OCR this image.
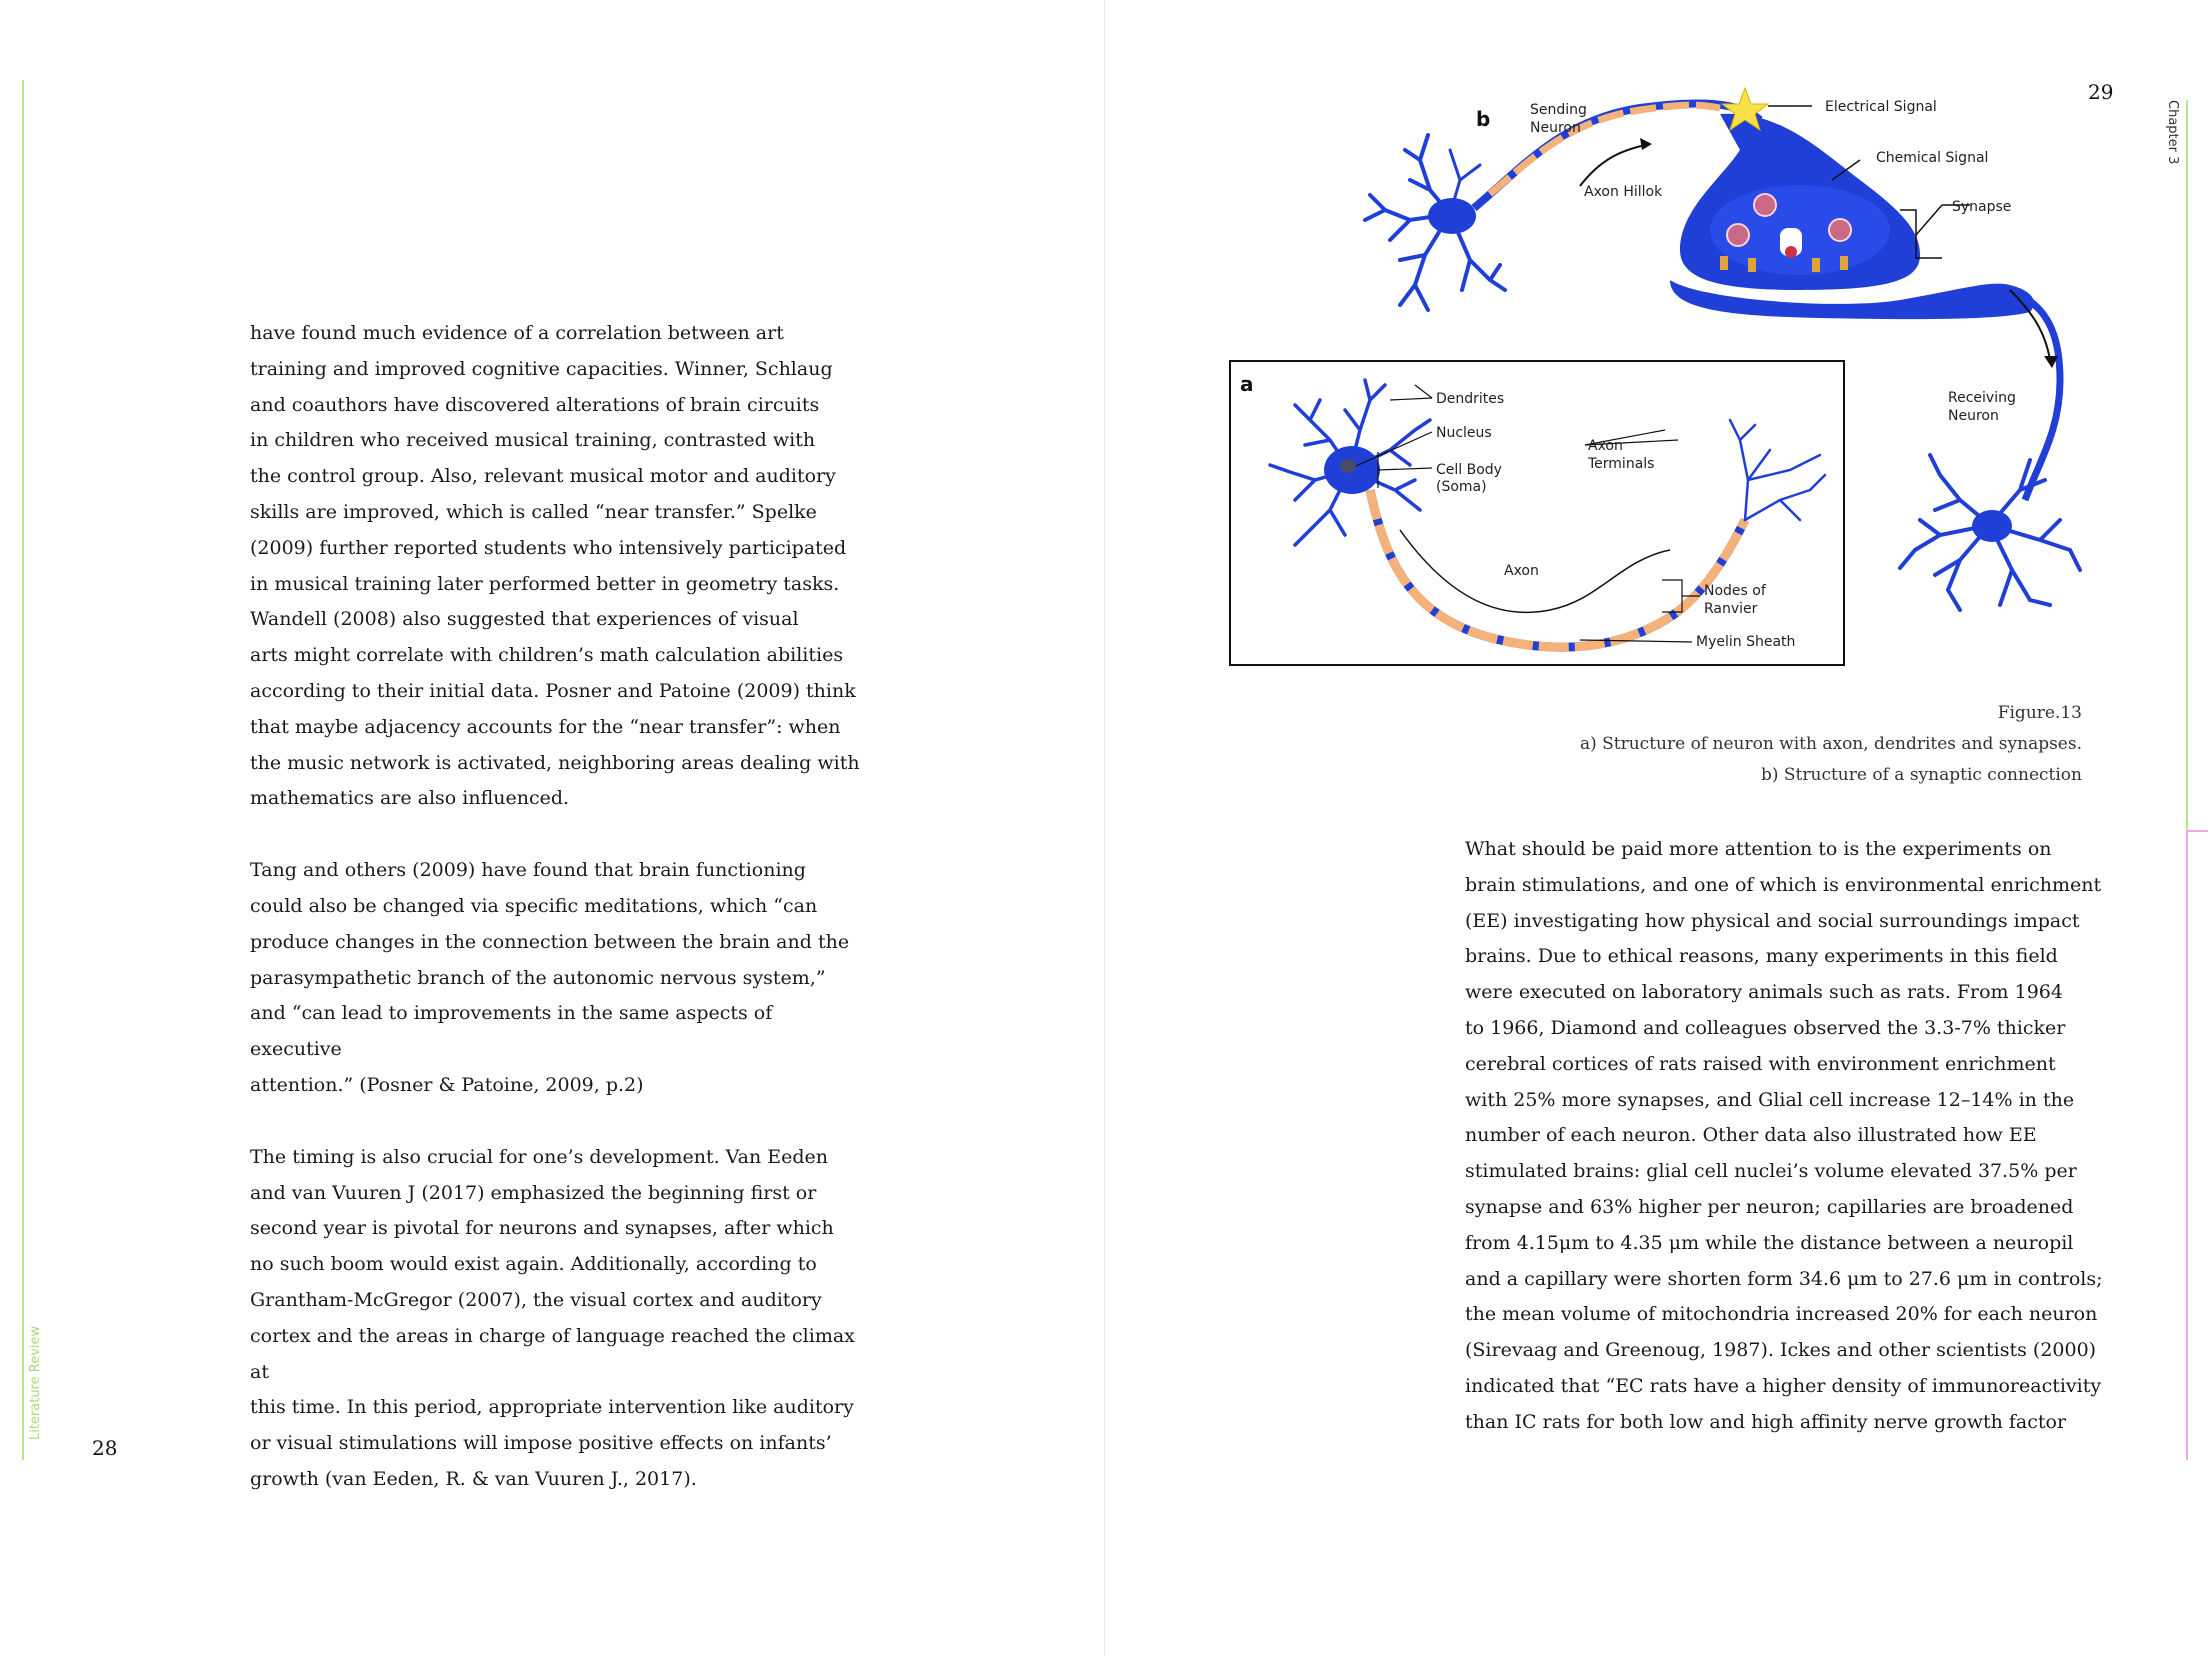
Literature Review
Chapter 3
28
29

have found much evidence of a correlation between art
training and improved cognitive capacities. Winner, Schlaug
and coauthors have discovered alterations of brain circuits
in children who received musical training, contrasted with
the control group. Also, relevant musical motor and auditory
skills are improved, which is called “near transfer.” Spelke
(2009) further reported students who intensively participated
in musical training later performed better in geometry tasks.
Wandell (2008) also suggested that experiences of visual
arts might correlate with children’s math calculation abilities
according to their initial data. Posner and Patoine (2009) think
that maybe adjacency accounts for the “near transfer”: when
the music network is activated, neighboring areas dealing with
mathematics are also influenced.

Tang and others (2009) have found that brain functioning
could also be changed via specific meditations, which “can
produce changes in the connection between the brain and the
parasympathetic branch of the autonomic nervous system,”
and “can lead to improvements in the same aspects of executive
attention.” (Posner & Patoine, 2009, p.2)

The timing is also crucial for one’s development. Van Eeden
and van Vuuren J (2017) emphasized the beginning first or
second year is pivotal for neurons and synapses, after which
no such boom would exist again. Additionally, according to
Grantham-McGregor (2007), the visual cortex and auditory
cortex and the areas in charge of language reached the climax at
this time. In this period, appropriate intervention like auditory
or visual stimulations will impose positive effects on infants’
growth (van Eeden, R. & van Vuuren J., 2017).

b	Sending
Neuron
Axon Hillok
Electrical Signal
Chemical Signal
Synapse
Receiving
Neuron
a
Dendrites
Nucleus
Cell Body
(Soma)
Axon
Terminals
Axon
Nodes of
Ranvier
Myelin Sheath
Figure.13
a) Structure of neuron with axon, dendrites and synapses.
b) Structure of a synaptic connection

What should be paid more attention to is the experiments on
brain stimulations, and one of which is environmental enrichment
(EE) investigating how physical and social surroundings impact
brains. Due to ethical reasons, many experiments in this field
were executed on laboratory animals such as rats. From 1964
to 1966, Diamond and colleagues observed the 3.3-7% thicker
cerebral cortices of rats raised with environment enrichment
with 25% more synapses, and Glial cell increase 12–14% in the
number of each neuron. Other data also illustrated how EE
stimulated brains: glial cell nuclei’s volume elevated 37.5% per
synapse and 63% higher per neuron; capillaries are broadened
from 4.15μm to 4.35 μm while the distance between a neuropil
and a capillary were shorten form 34.6 μm to 27.6 μm in controls;
the mean volume of mitochondria increased 20% for each neuron
(Sirevaag and Greenoug, 1987). Ickes and other scientists (2000)
indicated that “EC rats have a higher density of immunoreactivity
than IC rats for both low and high affinity nerve growth factor
